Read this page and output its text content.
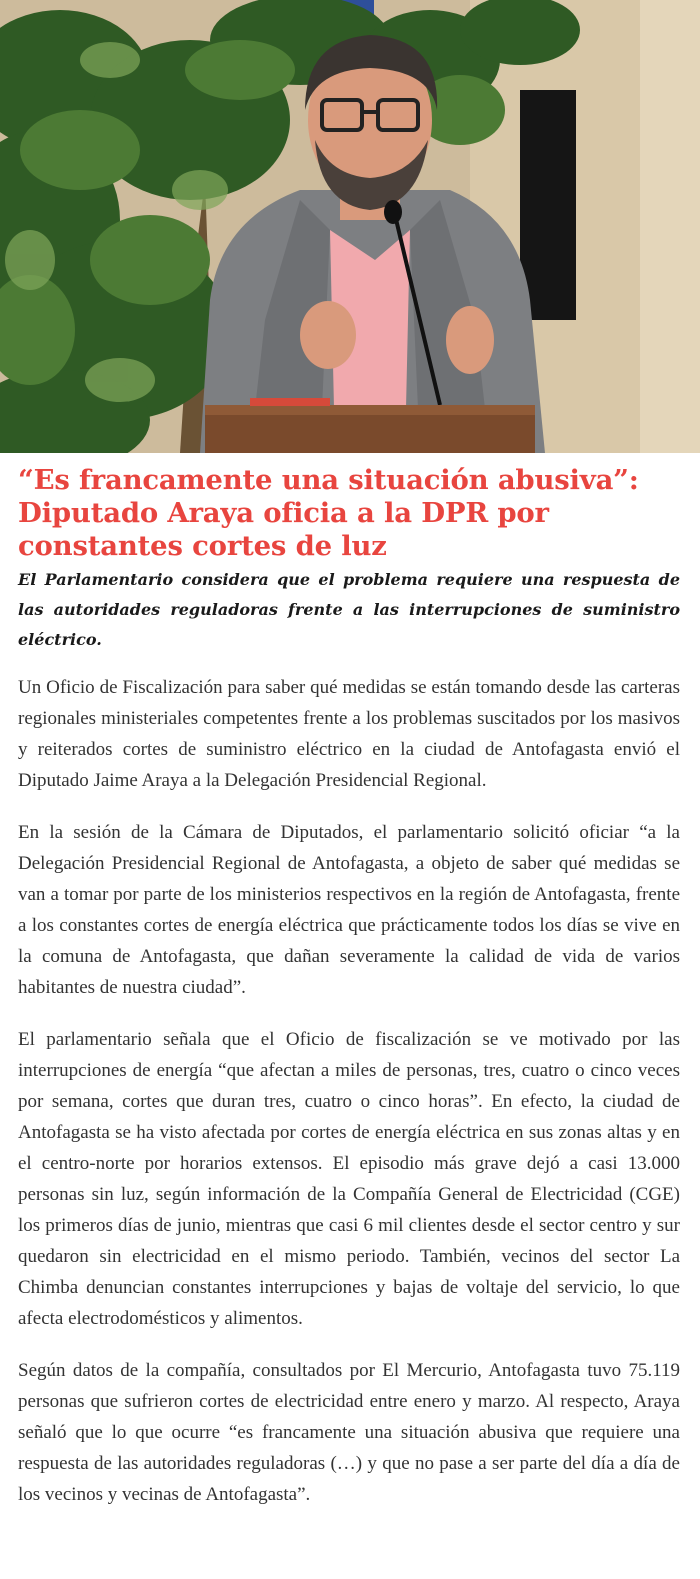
“Es francamente una situación abusiva”: Diputado Araya oficia a la DPR por constantes cortes de luz

El Parlamentario considera que el problema requiere una respuesta de las autoridades reguladoras frente a las interrupciones de suministro eléctrico.

Un Oficio de Fiscalización para saber qué medidas se están tomando desde las carteras regionales ministeriales competentes frente a los problemas suscitados por los masivos y reiterados cortes de suministro eléctrico en la ciudad de Antofagasta envió el Diputado Jaime Araya a la Delegación Presidencial Regional.

En la sesión de la Cámara de Diputados, el parlamentario solicitó oficiar “a la Delegación Presidencial Regional de Antofagasta, a objeto de saber qué medidas se van a tomar por parte de los ministerios respectivos en la región de Antofagasta, frente a los constantes cortes de energía eléctrica que prácticamente todos los días se vive en la comuna de Antofagasta, que dañan severamente la calidad de vida de varios habitantes de nuestra ciudad”.

El parlamentario señala que el Oficio de fiscalización se ve motivado por las interrupciones de energía “que afectan a miles de personas, tres, cuatro o cinco veces por semana, cortes que duran tres, cuatro o cinco horas”. En efecto, la ciudad de Antofagasta se ha visto afectada por cortes de energía eléctrica en sus zonas altas y en el centro-norte por horarios extensos. El episodio más grave dejó a casi 13.000 personas sin luz, según información de la Compañía General de Electricidad (CGE) los primeros días de junio, mientras que casi 6 mil clientes desde el sector centro y sur quedaron sin electricidad en el mismo periodo. También, vecinos del sector La Chimba denuncian constantes interrupciones y bajas de voltaje del servicio, lo que afecta electrodomésticos y alimentos.

Según datos de la compañía, consultados por El Mercurio, Antofagasta tuvo 75.119 personas que sufrieron cortes de electricidad entre enero y marzo. Al respecto, Araya señaló que lo que ocurre “es francamente una situación abusiva que requiere una respuesta de las autoridades reguladoras (…) y que no pase a ser parte del día a día de los vecinos y vecinas de Antofagasta”.
